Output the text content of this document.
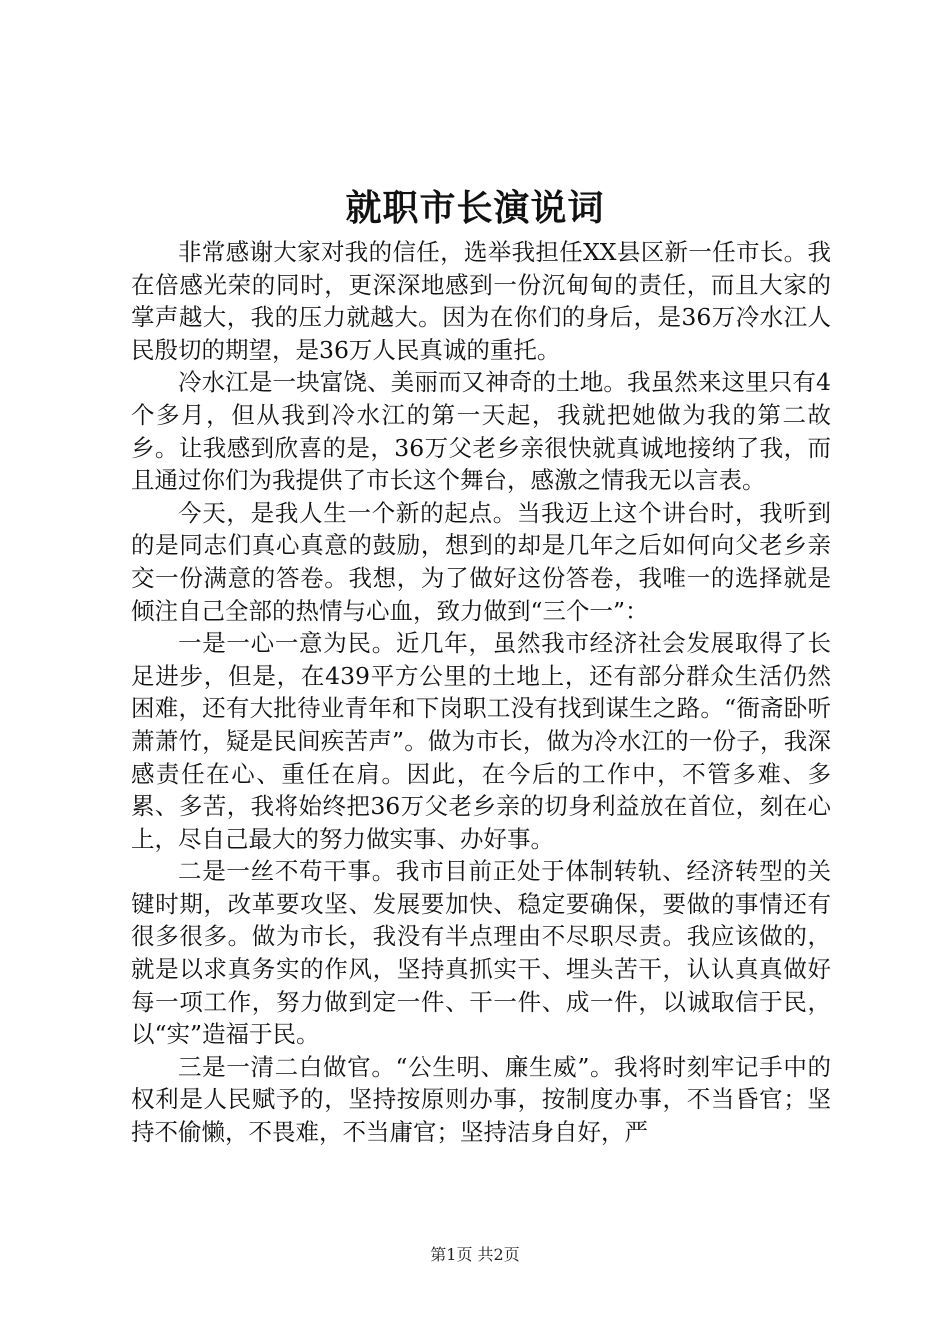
就职市长演说词

非常感谢大家对我的信任，选举我担任XX县区新一任市长。我在倍感光荣的同时，更深深地感到一份沉甸甸的责任，而且大家的掌声越大，我的压力就越大。因为在你们的身后，是36万冷水江人民殷切的期望，是36万人民真诚的重托。

冷水江是一块富饶、美丽而又神奇的土地。我虽然来这里只有4个多月，但从我到冷水江的第一天起，我就把她做为我的第二故乡。让我感到欣喜的是，36万父老乡亲很快就真诚地接纳了我，而且通过你们为我提供了市长这个舞台，感激之情我无以言表。

今天，是我人生一个新的起点。当我迈上这个讲台时，我听到的是同志们真心真意的鼓励，想到的却是几年之后如何向父老乡亲交一份满意的答卷。我想，为了做好这份答卷，我唯一的选择就是倾注自己全部的热情与心血，致力做到“三个一”：

一是一心一意为民。近几年，虽然我市经济社会发展取得了长足进步，但是，在439平方公里的土地上，还有部分群众生活仍然困难，还有大批待业青年和下岗职工没有找到谋生之路。“衙斋卧听萧萧竹，疑是民间疾苦声”。做为市长，做为冷水江的一份子，我深感责任在心、重任在肩。因此，在今后的工作中，不管多难、多累、多苦，我将始终把36万父老乡亲的切身利益放在首位，刻在心上，尽自己最大的努力做实事、办好事。

二是一丝不苟干事。我市目前正处于体制转轨、经济转型的关键时期，改革要攻坚、发展要加快、稳定要确保，要做的事情还有很多很多。做为市长，我没有半点理由不尽职尽责。我应该做的，就是以求真务实的作风，坚持真抓实干、埋头苦干，认认真真做好每一项工作，努力做到定一件、干一件、成一件，以诚取信于民，以“实”造福于民。

三是一清二白做官。“公生明、廉生威”。我将时刻牢记手中的权利是人民赋予的，坚持按原则办事，按制度办事，不当昏官；坚持不偷懒，不畏难，不当庸官；坚持洁身自好，严

第1页 共2页
